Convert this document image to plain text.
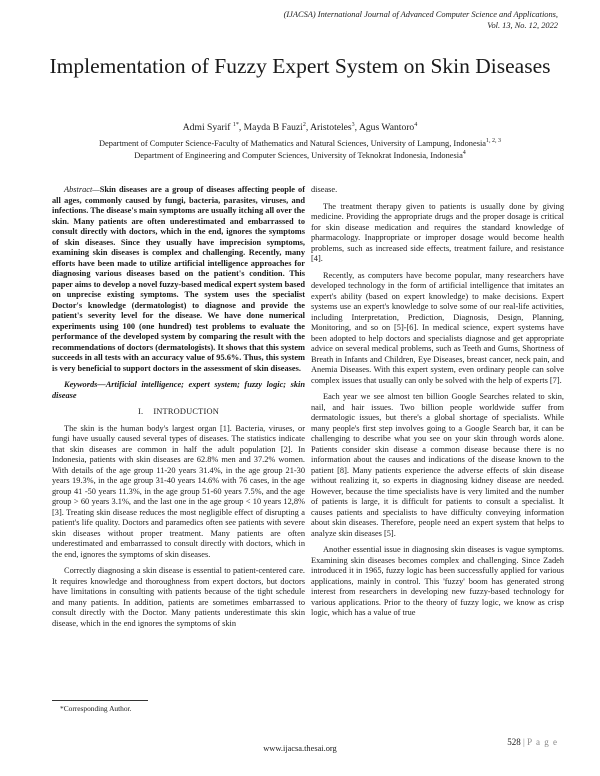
(IJACSA) International Journal of Advanced Computer Science and Applications,
Vol. 13, No. 12, 2022
Implementation of Fuzzy Expert System on Skin Diseases
Admi Syarif $^{1*}$, Mayda B Fauzi$^2$, Aristoteles$^3$, Agus Wantoro$^4$
Department of Computer Science-Faculty of Mathematics and Natural Sciences, University of Lampung, Indonesia$^{1, 2, 3}$
Department of Engineering and Computer Sciences, University of Teknokrat Indonesia, Indonesia$^4$

Abstract—Skin diseases are a group of diseases affecting people of all ages, commonly caused by fungi, bacteria, parasites, viruses, and infections. The disease's main symptoms are usually itching all over the skin. Many patients are often underestimated and embarrassed to consult directly with doctors, which in the end, ignores the symptoms of skin diseases. Since they usually have imprecision symptoms, examining skin diseases is complex and challenging. Recently, many efforts have been made to utilize artificial intelligence approaches for diagnosing various diseases based on the patient's condition. This paper aims to develop a novel fuzzy-based medical expert system based on unprecise existing symptoms. The system uses the specialist Doctor's knowledge (dermatologist) to diagnose and provide the patient's severity level for the disease. We have done numerical experiments using 100 (one hundred) test problems to evaluate the performance of the developed system by comparing the result with the recommendations of doctors (dermatologists). It shows that this system succeeds in all tests with an accuracy value of 95.6%. Thus, this system is very beneficial to support doctors in the assessment of skin diseases.

Keywords—Artificial intelligence; expert system; fuzzy logic; skin disease

I. INTRODUCTION

The skin is the human body's largest organ [1]. Bacteria, viruses, or fungi have usually caused several types of diseases. The statistics indicate that skin diseases are common in half the adult population [2]. In Indonesia, patients with skin diseases are 62.8% men and 37.2% women. With details of the age group 11-20 years 31.4%, in the age group 21-30 years 19.3%, in the age group 31-40 years 14.6% with 76 cases, in the age group 41 -50 years 11.3%, in the age group 51-60 years 7.5%, and the age group > 60 years 3.1%, and the last one in the age group < 10 years 12,8% [3]. Treating skin disease reduces the most negligible effect of disrupting a patient's life quality. Doctors and paramedics often see patients with severe skin diseases without proper treatment. Many patients are often underestimated and embarrassed to consult directly with doctors, which in the end, ignores the symptoms of skin diseases.

Correctly diagnosing a skin disease is essential to patient-centered care. It requires knowledge and thoroughness from expert doctors, but doctors have limitations in consulting with patients because of the tight schedule and many patients. In addition, patients are sometimes embarrassed to consult directly with the Doctor. Many patients underestimate this skin disease, which in the end ignores the symptoms of skin

disease.

The treatment therapy given to patients is usually done by giving medicine. Providing the appropriate drugs and the proper dosage is critical for skin disease medication and requires the standard knowledge of pharmacology. Inappropriate or improper dosage would become health problems, such as increased side effects, treatment failure, and resistance [4].

Recently, as computers have become popular, many researchers have developed technology in the form of artificial intelligence that imitates an expert's ability (based on expert knowledge) to make decisions. Expert systems use an expert's knowledge to solve some of our real-life activities, including Interpretation, Prediction, Diagnosis, Design, Planning, Monitoring, and so on [5]-[6]. In medical science, expert systems have been adopted to help doctors and specialists diagnose and get appropriate advice on several medical problems, such as Teeth and Gums, Shortness of Breath in Infants and Children, Eye Diseases, breast cancer, neck pain, and Anemia Diseases. With this expert system, even ordinary people can solve complex issues that usually can only be solved with the help of experts [7].

Each year we see almost ten billion Google Searches related to skin, nail, and hair issues. Two billion people worldwide suffer from dermatologic issues, but there's a global shortage of specialists. While many people's first step involves going to a Google Search bar, it can be challenging to describe what you see on your skin through words alone. Patients consider skin disease a common disease because there is no information about the causes and indications of the disease known to the patient [8]. Many patients experience the adverse effects of skin disease without realizing it, so experts in diagnosing kidney disease are needed. However, because the time specialists have is very limited and the number of patients is large, it is difficult for patients to consult a specialist. It causes patients and specialists to have difficulty conveying information about skin diseases. Therefore, people need an expert system that helps to analyze skin diseases [5].

Another essential issue in diagnosing skin diseases is vague symptoms. Examining skin diseases becomes complex and challenging. Since Zadeh introduced it in 1965, fuzzy logic has been successfully applied for various applications, mainly in control. This 'fuzzy' boom has generated strong interest from researchers in developing new fuzzy-based technology for various applications. Prior to the theory of fuzzy logic, we know as crisp logic, which has a value of true

*Corresponding Author.
www.ijacsa.thesai.org
528 | P a g e
